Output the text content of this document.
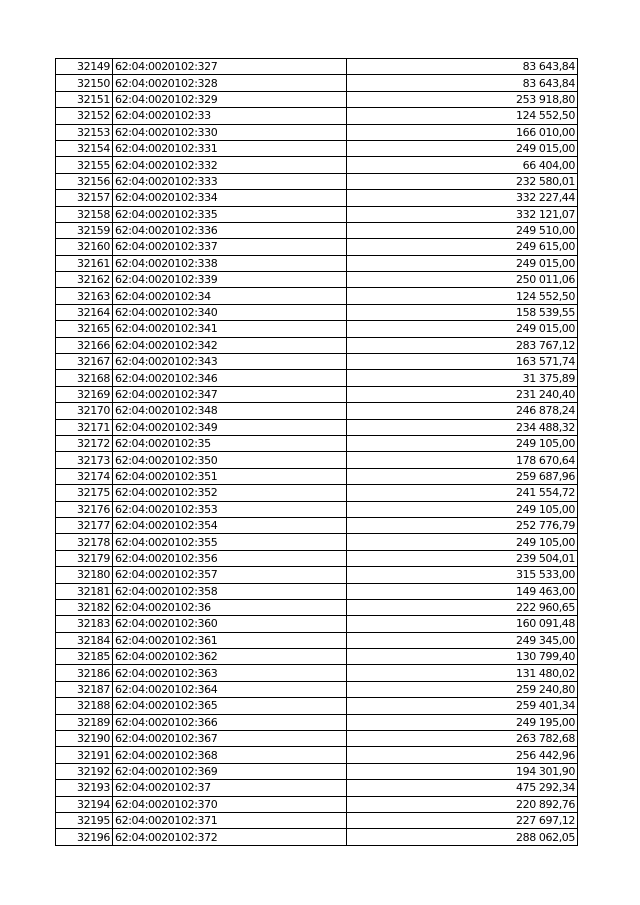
32149	62:04:0020102:327	83 643,84
32150	62:04:0020102:328	83 643,84
32151	62:04:0020102:329	253 918,80
32152	62:04:0020102:33	124 552,50
32153	62:04:0020102:330	166 010,00
32154	62:04:0020102:331	249 015,00
32155	62:04:0020102:332	66 404,00
32156	62:04:0020102:333	232 580,01
32157	62:04:0020102:334	332 227,44
32158	62:04:0020102:335	332 121,07
32159	62:04:0020102:336	249 510,00
32160	62:04:0020102:337	249 615,00
32161	62:04:0020102:338	249 015,00
32162	62:04:0020102:339	250 011,06
32163	62:04:0020102:34	124 552,50
32164	62:04:0020102:340	158 539,55
32165	62:04:0020102:341	249 015,00
32166	62:04:0020102:342	283 767,12
32167	62:04:0020102:343	163 571,74
32168	62:04:0020102:346	31 375,89
32169	62:04:0020102:347	231 240,40
32170	62:04:0020102:348	246 878,24
32171	62:04:0020102:349	234 488,32
32172	62:04:0020102:35	249 105,00
32173	62:04:0020102:350	178 670,64
32174	62:04:0020102:351	259 687,96
32175	62:04:0020102:352	241 554,72
32176	62:04:0020102:353	249 105,00
32177	62:04:0020102:354	252 776,79
32178	62:04:0020102:355	249 105,00
32179	62:04:0020102:356	239 504,01
32180	62:04:0020102:357	315 533,00
32181	62:04:0020102:358	149 463,00
32182	62:04:0020102:36	222 960,65
32183	62:04:0020102:360	160 091,48
32184	62:04:0020102:361	249 345,00
32185	62:04:0020102:362	130 799,40
32186	62:04:0020102:363	131 480,02
32187	62:04:0020102:364	259 240,80
32188	62:04:0020102:365	259 401,34
32189	62:04:0020102:366	249 195,00
32190	62:04:0020102:367	263 782,68
32191	62:04:0020102:368	256 442,96
32192	62:04:0020102:369	194 301,90
32193	62:04:0020102:37	475 292,34
32194	62:04:0020102:370	220 892,76
32195	62:04:0020102:371	227 697,12
32196	62:04:0020102:372	288 062,05
